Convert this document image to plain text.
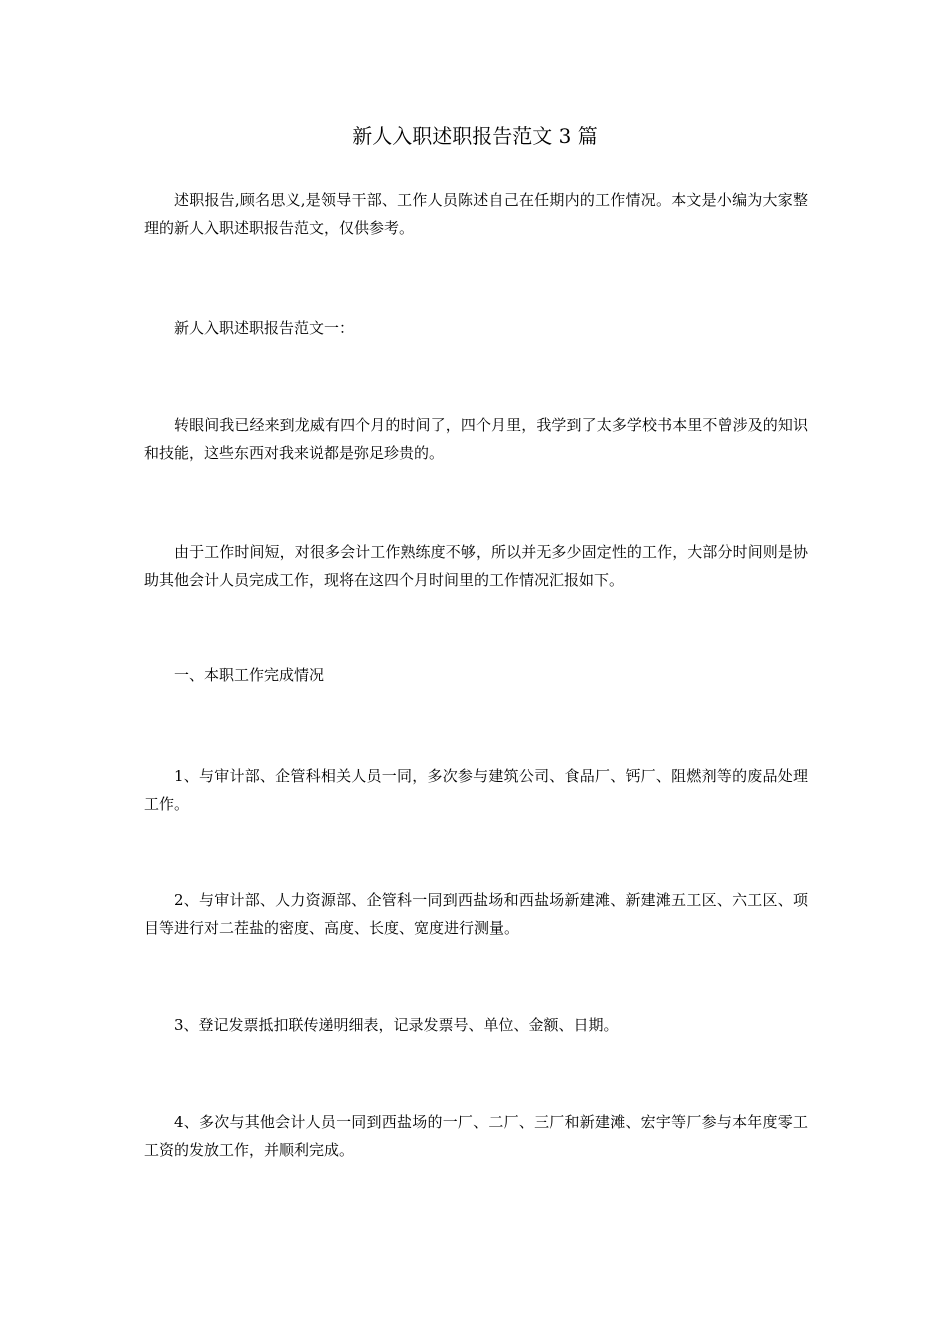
新人入职述职报告范文 3 篇

述职报告,顾名思义,是领导干部、工作人员陈述自己在任期内的工作情况。本文是小编为大家整理的新人入职述职报告范文，仅供参考。

新人入职述职报告范文一：

转眼间我已经来到龙威有四个月的时间了，四个月里，我学到了太多学校书本里不曾涉及的知识和技能，这些东西对我来说都是弥足珍贵的。

由于工作时间短，对很多会计工作熟练度不够，所以并无多少固定性的工作，大部分时间则是协助其他会计人员完成工作，现将在这四个月时间里的工作情况汇报如下。

一、本职工作完成情况

1、与审计部、企管科相关人员一同，多次参与建筑公司、食品厂、钙厂、阻燃剂等的废品处理工作。

2、与审计部、人力资源部、企管科一同到西盐场和西盐场新建滩、新建滩五工区、六工区、项目等进行对二茬盐的密度、高度、长度、宽度进行测量。

3、登记发票抵扣联传递明细表，记录发票号、单位、金额、日期。

4、多次与其他会计人员一同到西盐场的一厂、二厂、三厂和新建滩、宏宇等厂参与本年度零工工资的发放工作，并顺利完成。
